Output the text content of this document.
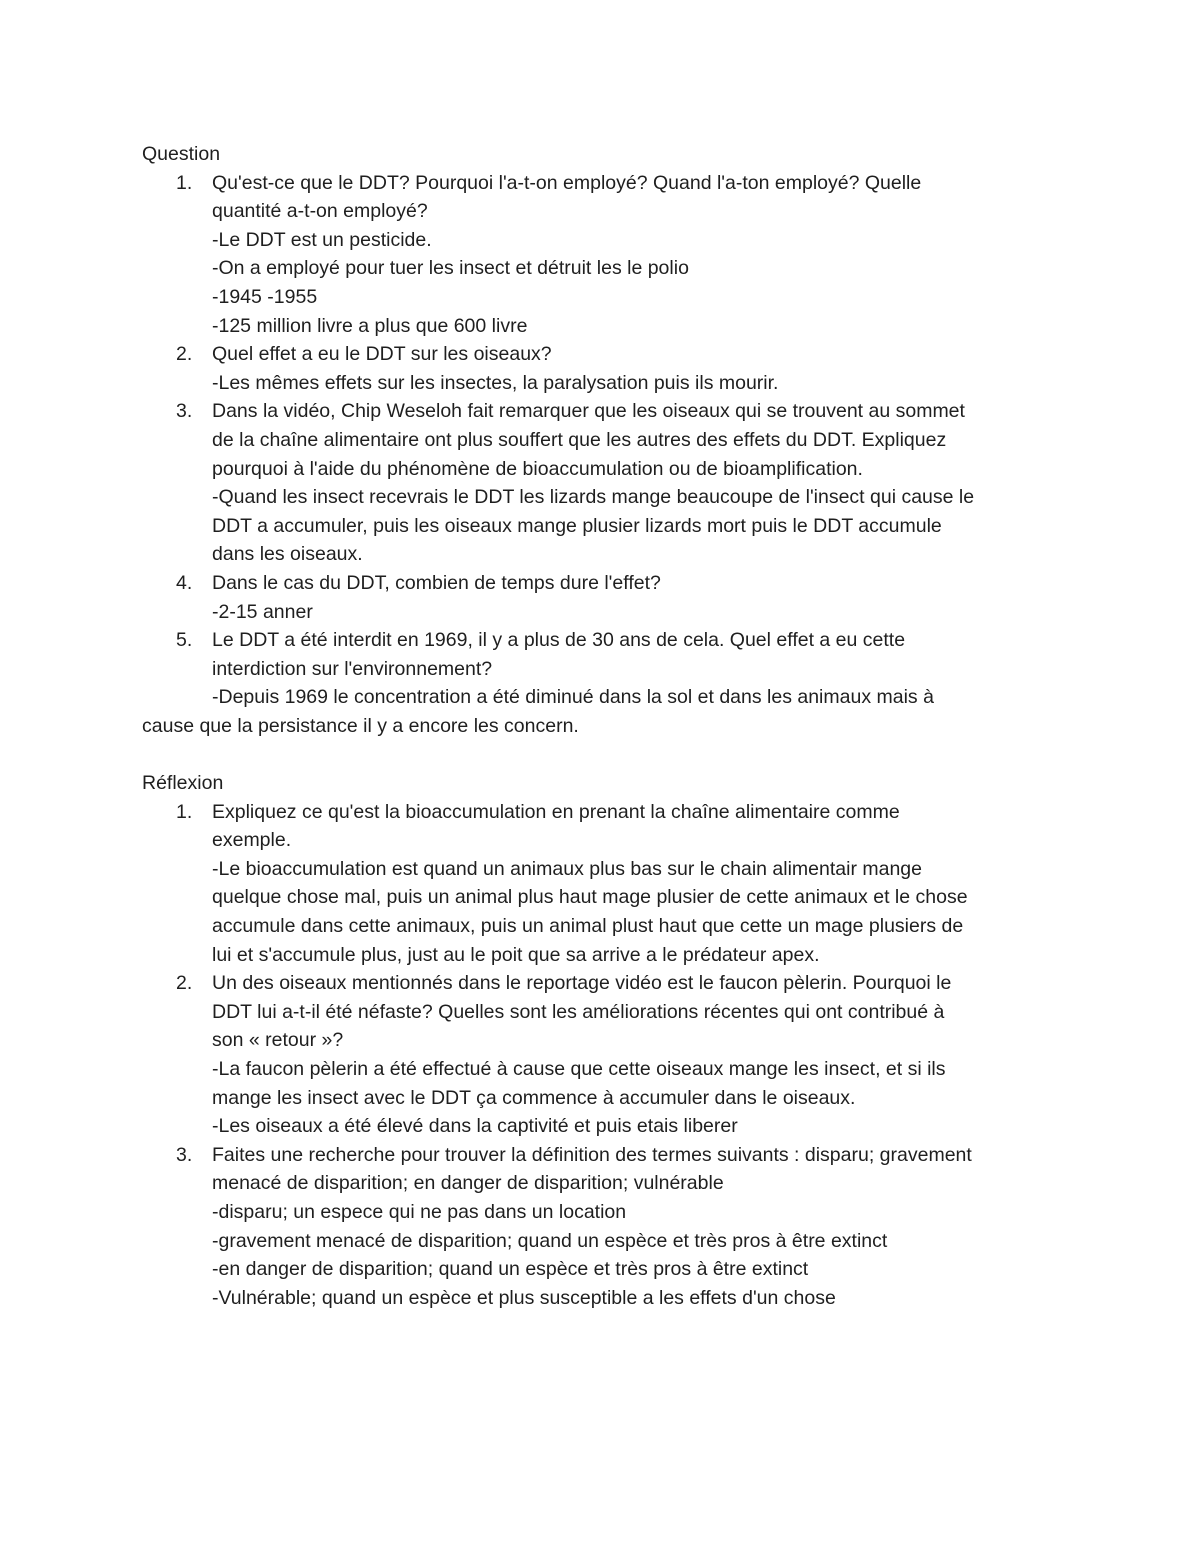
Question
1. Qu'est-ce que le DDT? Pourquoi l'a-t-on employé? Quand l'a-ton employé? Quelle
quantité a-t-on employé?
-Le DDT est un pesticide.
-On a employé pour tuer les insect et détruit les le polio
-1945 -1955
-125 million livre a plus que 600 livre
2. Quel effet a eu le DDT sur les oiseaux?
-Les mêmes effets sur les insectes, la paralysation puis ils mourir.
3. Dans la vidéo, Chip Weseloh fait remarquer que les oiseaux qui se trouvent au sommet
de la chaîne alimentaire ont plus souffert que les autres des effets du DDT. Expliquez
pourquoi à l'aide du phénomène de bioaccumulation ou de bioamplification.
-Quand les insect recevrais le DDT les lizards mange beaucoupe de l'insect qui cause le
DDT a accumuler, puis les oiseaux mange plusier lizards mort puis le DDT accumule
dans les oiseaux.
4. Dans le cas du DDT, combien de temps dure l'effet?
-2-15 anner
5. Le DDT a été interdit en 1969, il y a plus de 30 ans de cela. Quel effet a eu cette
interdiction sur l'environnement?
-Depuis 1969 le concentration a été diminué dans la sol et dans les animaux mais à
cause que la persistance il y a encore les concern.
Réflexion
1. Expliquez ce qu'est la bioaccumulation en prenant la chaîne alimentaire comme
exemple.
-Le bioaccumulation est quand un animaux plus bas sur le chain alimentair mange
quelque chose mal, puis un animal plus haut mage plusier de cette animaux et le chose
accumule dans cette animaux, puis un animal plust haut que cette un mage plusiers de
lui et s'accumule plus, just au le poit que sa arrive a le prédateur apex.
2. Un des oiseaux mentionnés dans le reportage vidéo est le faucon pèlerin. Pourquoi le
DDT lui a-t-il été néfaste? Quelles sont les améliorations récentes qui ont contribué à
son « retour »?
-La faucon pèlerin a été effectué à cause que cette oiseaux mange les insect, et si ils
mange les insect avec le DDT ça commence à accumuler dans le oiseaux.
-Les oiseaux a été élevé dans la captivité et puis etais liberer
3. Faites une recherche pour trouver la définition des termes suivants : disparu; gravement
menacé de disparition; en danger de disparition; vulnérable
-disparu; un espece qui ne pas dans un location
-gravement menacé de disparition; quand un espèce et très pros à être extinct
-en danger de disparition; quand un espèce et très pros à être extinct
-Vulnérable; quand un espèce et plus susceptible a les effets d'un chose
